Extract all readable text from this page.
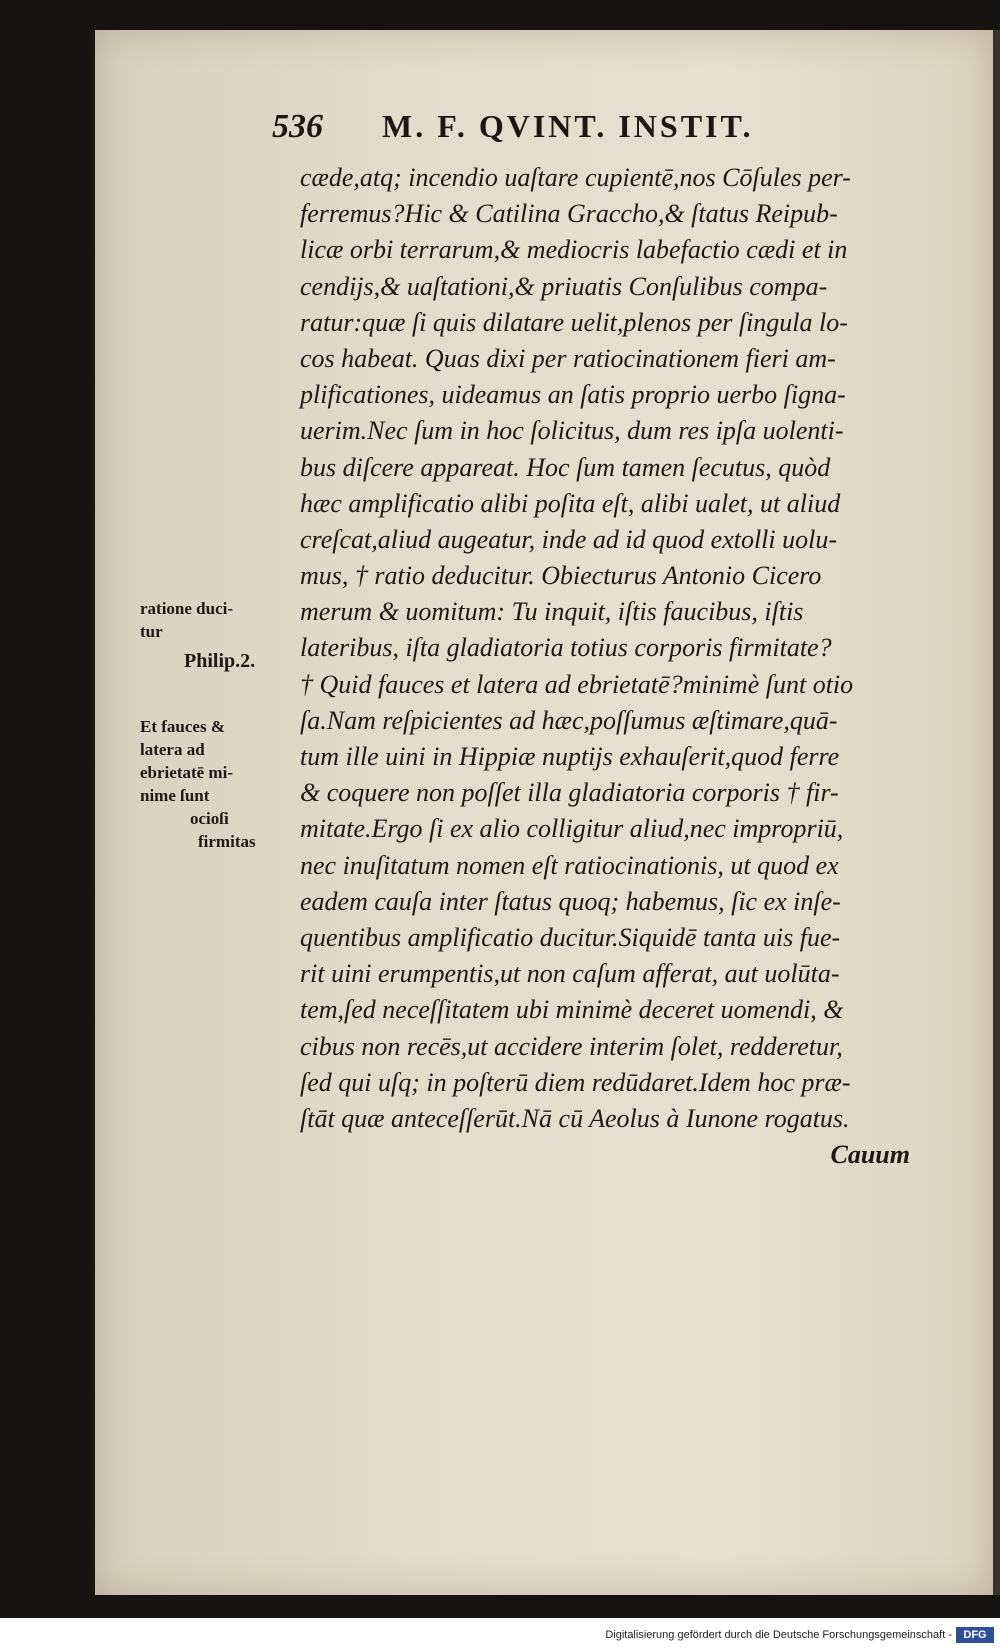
536 M. F. QVINT. INSTIT.
cæde,atq; incendio uaſtare cupientē,nos Cōſules per-
ferremus?Hic & Catilina Graccho,& ſtatus Reipub-
licæ orbi terrarum,& mediocris labefactio cædi et in
cendijs,& uaſtationi,& priuatis Conſulibus compa-
ratur:quæ ſi quis dilatare uelit,plenos per ſingula lo-
cos habeat. Quas dixi per ratiocinationem fieri am-
plificationes, uideamus an ſatis proprio uerbo ſigna-
uerim.Nec ſum in hoc ſolicitus, dum res ipſa uolenti-
bus diſcere appareat. Hoc ſum tamen ſecutus, quòd
hæc amplificatio alibi poſita eſt, alibi ualet, ut aliud
creſcat,aliud augeatur, inde ad id quod extolli uolu-
mus, † ratio deducitur. Obiecturus Antonio Cicero
merum & uomitum: Tu inquit, iſtis faucibus, iſtis
lateribus, iſta gladiatoria totius corporis firmitate?
† Quid fauces et latera ad ebrietatē?minimè ſunt otio
ſa.Nam reſpicientes ad hæc,poſſumus æſtimare,quā-
tum ille uini in Hippiæ nuptijs exhauſerit,quod ferre
& coquere non poſſet illa gladiatoria corporis † fir-
mitate.Ergo ſi ex alio colligitur aliud,nec impropriū,
nec inuſitatum nomen eſt ratiocinationis, ut quod ex
eadem cauſa inter ſtatus quoq; habemus, ſic ex inſe-
quentibus amplificatio ducitur.Siquidē tanta uis fue-
rit uini erumpentis,ut non caſum afferat, aut uolūta-
tem,ſed neceſſitatem ubi minimè deceret uomendi, &
cibus non recēs,ut accidere interim ſolet, redderetur,
ſed qui uſq; in poſterū diem redūdaret.Idem hoc præ-
ſtāt quæ anteceſſerūt.Nā cū Aeolus à Iunone rogatus.
Cauum
ratione duci-
tur
Philip.2.
Et fauces &
latera ad
ebrietatē mi-
nime ſunt
ocioſi
firmitas
Digitalisierung gefördert durch die Deutsche Forschungsgemeinschaft -	DFG
